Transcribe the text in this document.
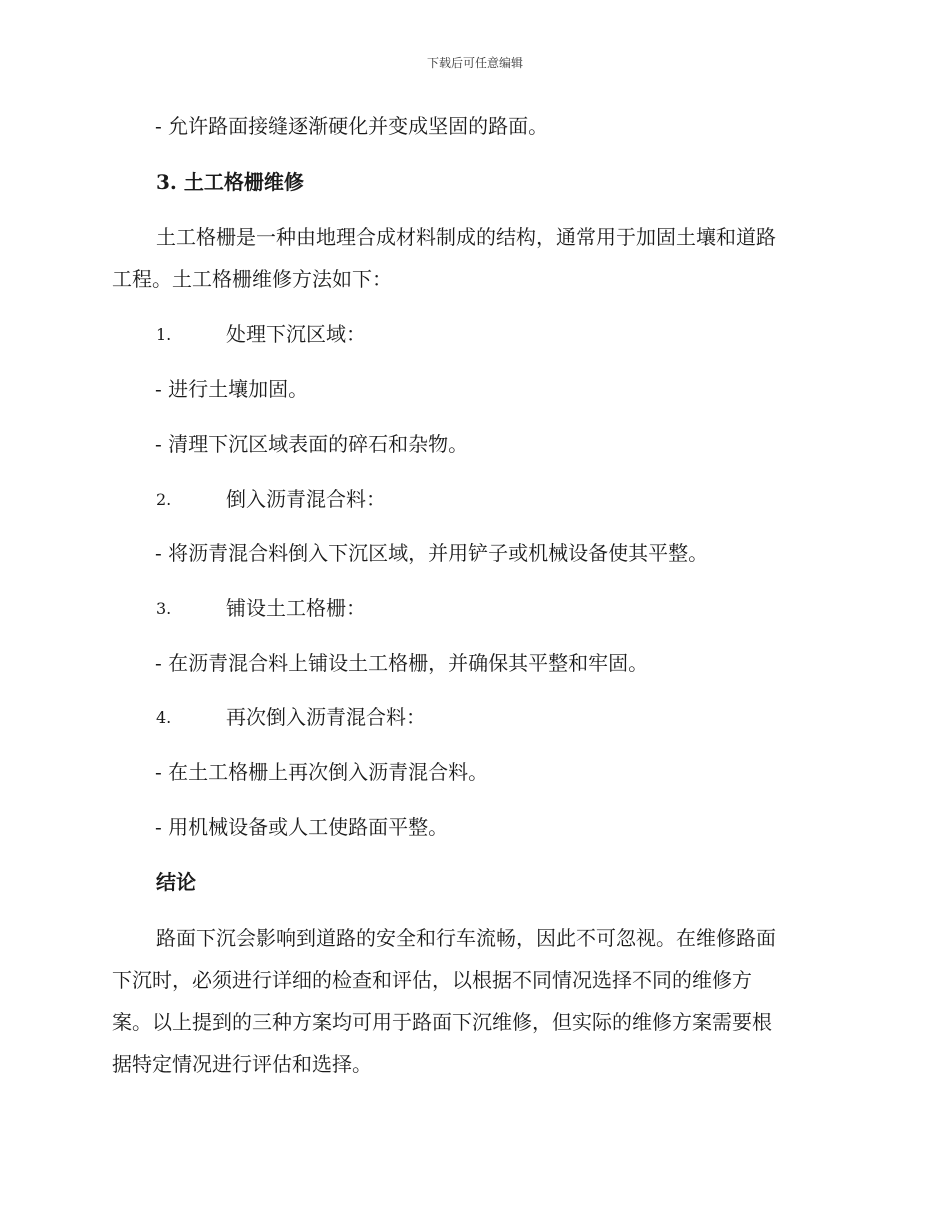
下载后可任意编辑
- 允许路面接缝逐渐硬化并变成坚固的路面。
3. 土工格栅维修
土工格栅是一种由地理合成材料制成的结构，通常用于加固土壤和道路
工程。土工格栅维修方法如下：
1.	处理下沉区域：
- 进行土壤加固。
- 清理下沉区域表面的碎石和杂物。
2.	倒入沥青混合料：
- 将沥青混合料倒入下沉区域，并用铲子或机械设备使其平整。
3.	铺设土工格栅：
- 在沥青混合料上铺设土工格栅，并确保其平整和牢固。
4.	再次倒入沥青混合料：
- 在土工格栅上再次倒入沥青混合料。
- 用机械设备或人工使路面平整。
结论
路面下沉会影响到道路的安全和行车流畅，因此不可忽视。在维修路面
下沉时，必须进行详细的检查和评估，以根据不同情况选择不同的维修方
案。以上提到的三种方案均可用于路面下沉维修，但实际的维修方案需要根
据特定情况进行评估和选择。
